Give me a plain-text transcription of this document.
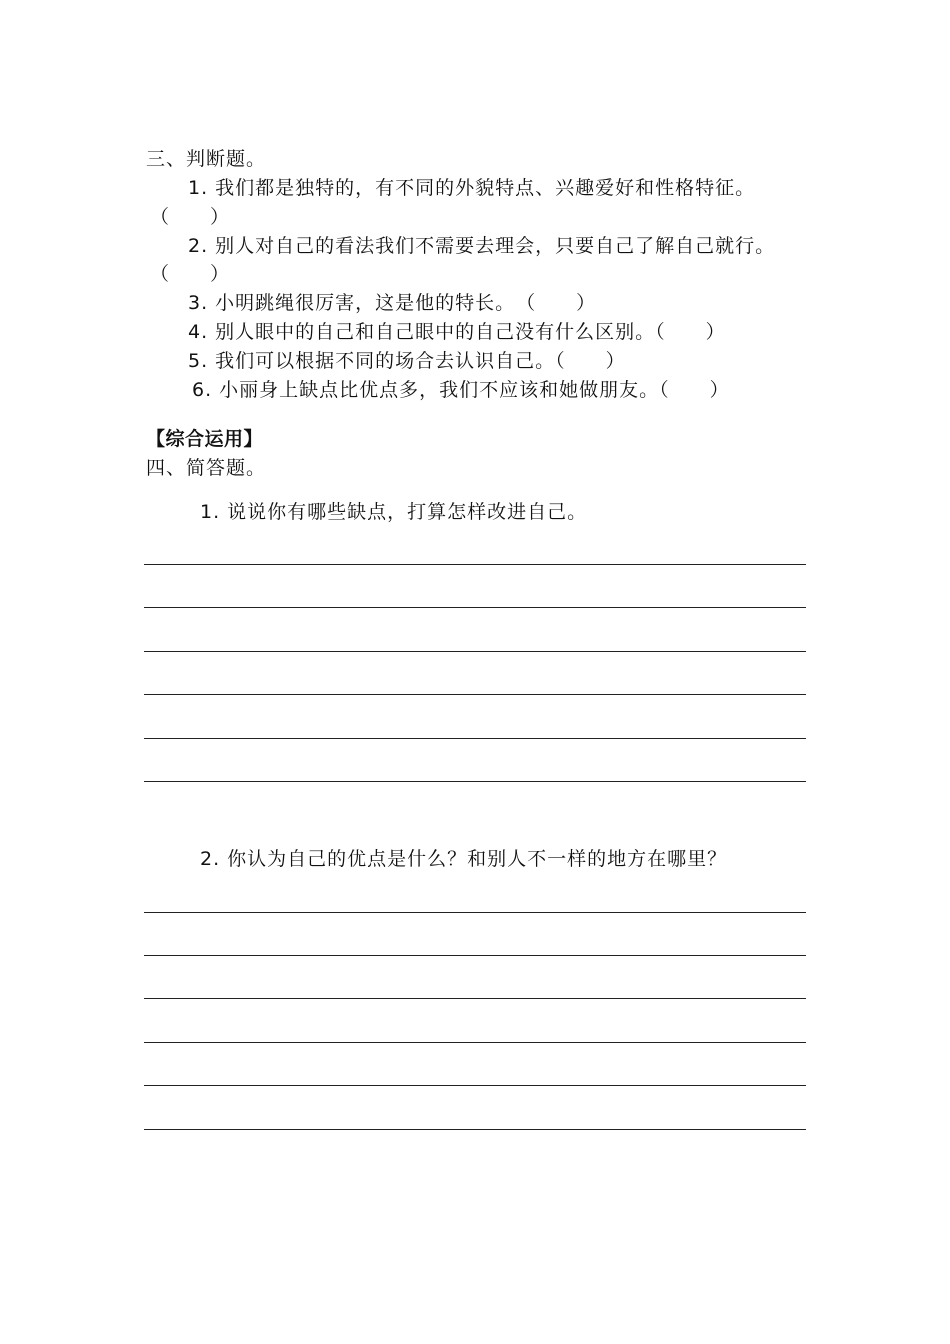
三、判断题。
1. 我们都是独特的，有不同的外貌特点、兴趣爱好和性格特征。
（　　）
2. 别人对自己的看法我们不需要去理会，只要自己了解自己就行。
（　　）
3. 小明跳绳很厉害，这是他的特长。　（　　）
4. 别人眼中的自己和自己眼中的自己没有什么区别。（　　）
5. 我们可以根据不同的场合去认识自己。（　　）
6. 小丽身上缺点比优点多，我们不应该和她做朋友。（　　）
【综合运用】
四、简答题。
1. 说说你有哪些缺点，打算怎样改进自己。
2. 你认为自己的优点是什么？和别人不一样的地方在哪里？
